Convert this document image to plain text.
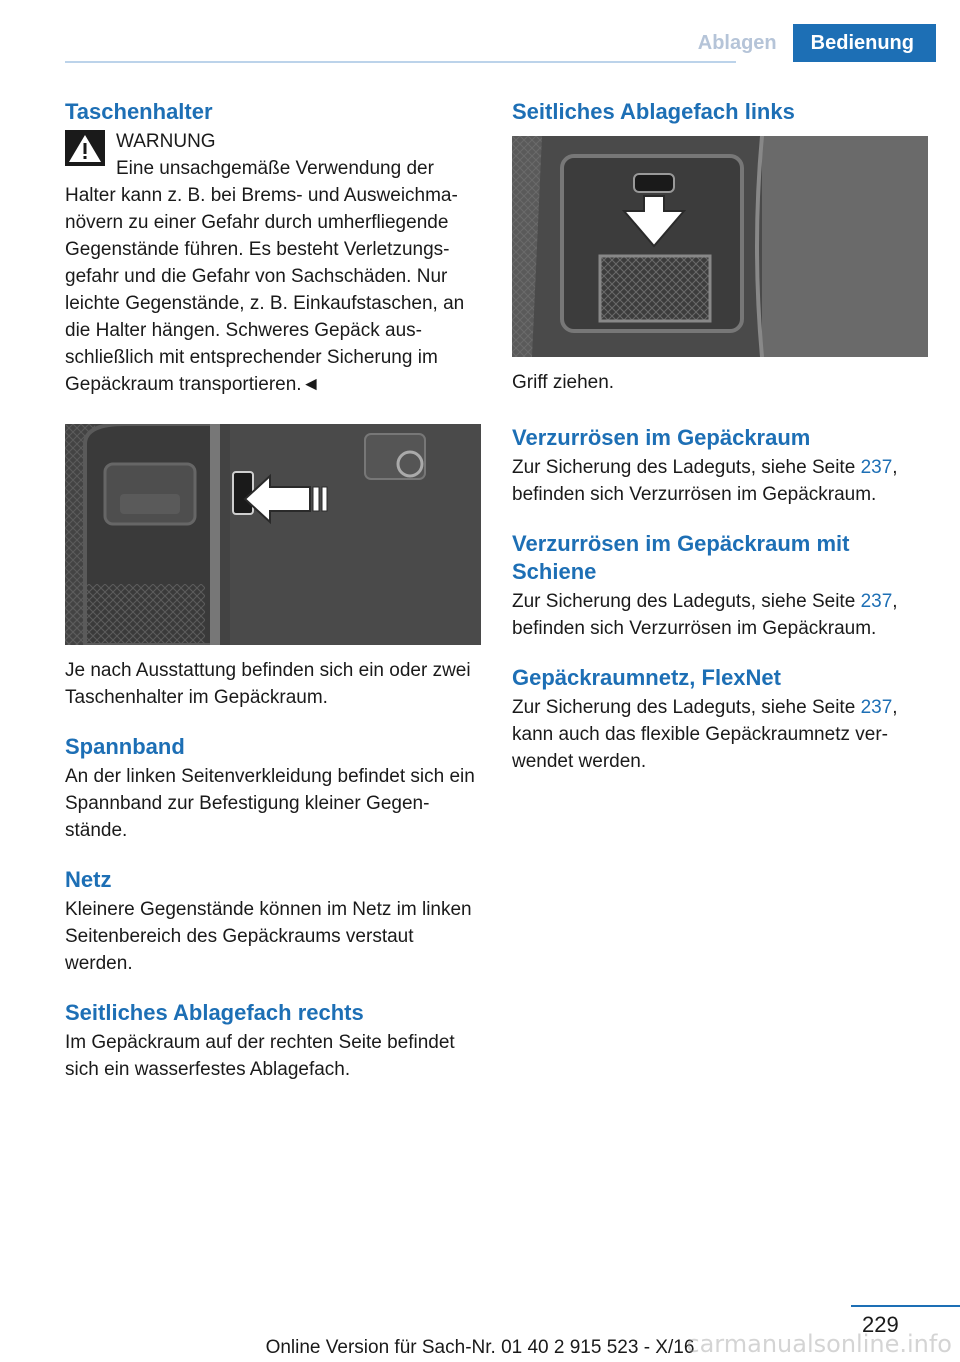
Ablagen	Bedienung
Taschenhalter
WARNUNG

Eine unsachgemäße Verwendung der Halter kann z. B. bei Brems- und Ausweichmanövern zu einer Gefahr durch umherfliegende Gegenstände führen. Es besteht Verletzungsgefahr und die Gefahr von Sachschäden. Nur leichte Gegenstände, z. B. Einkaufstaschen, an die Halter hängen. Schweres Gepäck ausschließlich mit entsprechender Sicherung im Gepäckraum transportieren.◄

Je nach Ausstattung befinden sich ein oder zwei Taschenhalter im Gepäckraum.

Spannband

An der linken Seitenverkleidung befindet sich ein Spannband zur Befestigung kleiner Gegenstände.

Netz

Kleinere Gegenstände können im Netz im linken Seitenbereich des Gepäckraums verstaut werden.

Seitliches Ablagefach rechts

Im Gepäckraum auf der rechten Seite befindet sich ein wasserfestes Ablagefach.

Seitliches Ablagefach links

Griff ziehen.

Verzurrösen im Gepäckraum

Zur Sicherung des Ladeguts, siehe Seite 237, befinden sich Verzurrösen im Gepäckraum.

Verzurrösen im Gepäckraum mit Schiene

Zur Sicherung des Ladeguts, siehe Seite 237, befinden sich Verzurrösen im Gepäckraum.

Gepäckraumnetz, FlexNet

Zur Sicherung des Ladeguts, siehe Seite 237, kann auch das flexible Gepäckraumnetz verwendet werden.

229
Online Version für Sach-Nr. 01 40 2 915 523 - X/16
carmanualsonline.info
